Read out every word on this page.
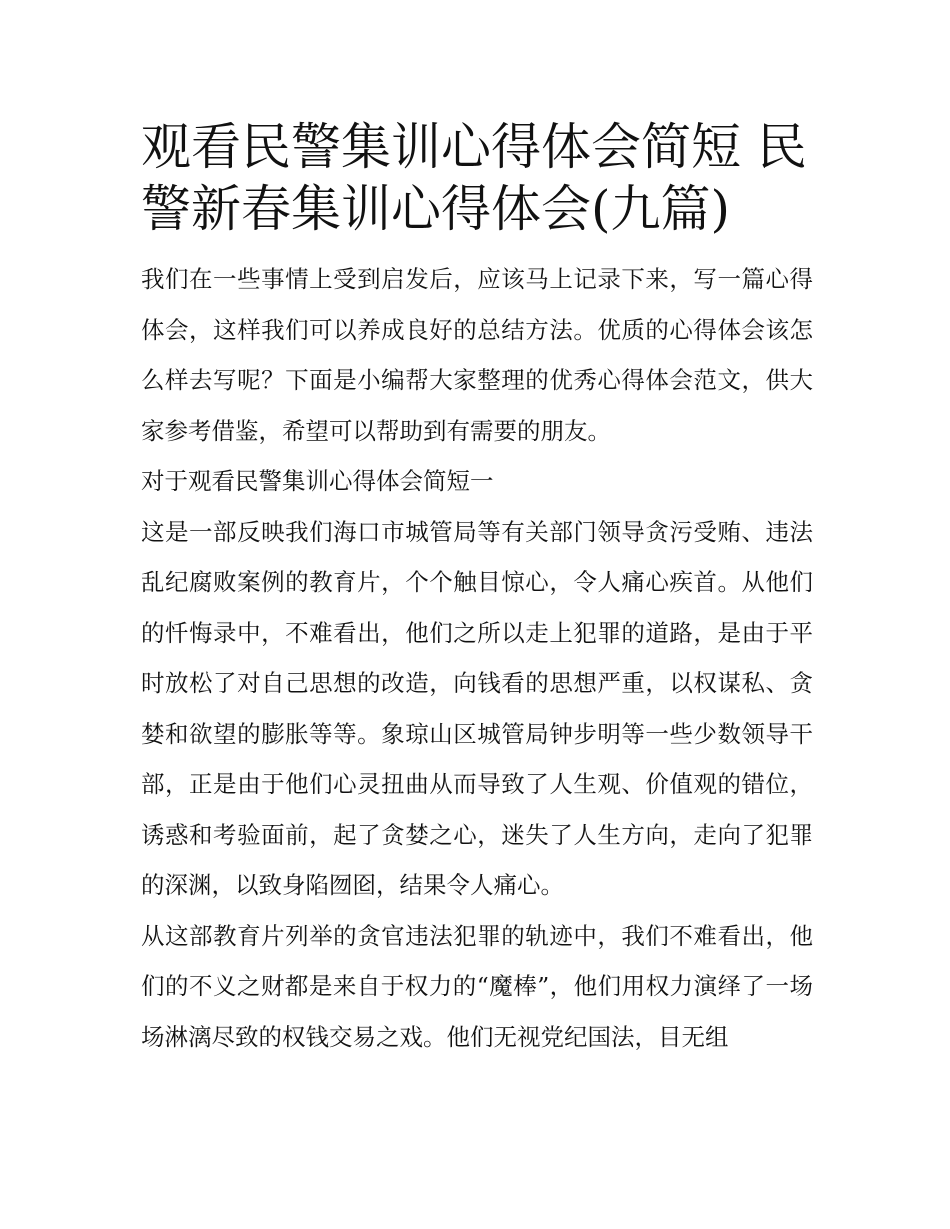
观看民警集训心得体会简短 民警新春集训心得体会(九篇)

我们在一些事情上受到启发后，应该马上记录下来，写一篇心得体会，这样我们可以养成良好的总结方法。优质的心得体会该怎么样去写呢？下面是小编帮大家整理的优秀心得体会范文，供大家参考借鉴，希望可以帮助到有需要的朋友。

对于观看民警集训心得体会简短一

这是一部反映我们海口市城管局等有关部门领导贪污受贿、违法乱纪腐败案例的教育片，个个触目惊心，令人痛心疾首。从他们的忏悔录中，不难看出，他们之所以走上犯罪的道路，是由于平时放松了对自己思想的改造，向钱看的思想严重，以权谋私、贪婪和欲望的膨胀等等。象琼山区城管局钟步明等一些少数领导干部，正是由于他们心灵扭曲从而导致了人生观、价值观的错位，诱惑和考验面前，起了贪婪之心，迷失了人生方向，走向了犯罪的深渊，以致身陷囫囵，结果令人痛心。

从这部教育片列举的贪官违法犯罪的轨迹中，我们不难看出，他们的不义之财都是来自于权力的“魔棒”，他们用权力演绎了一场场淋漓尽致的权钱交易之戏。他们无视党纪国法，目无组
